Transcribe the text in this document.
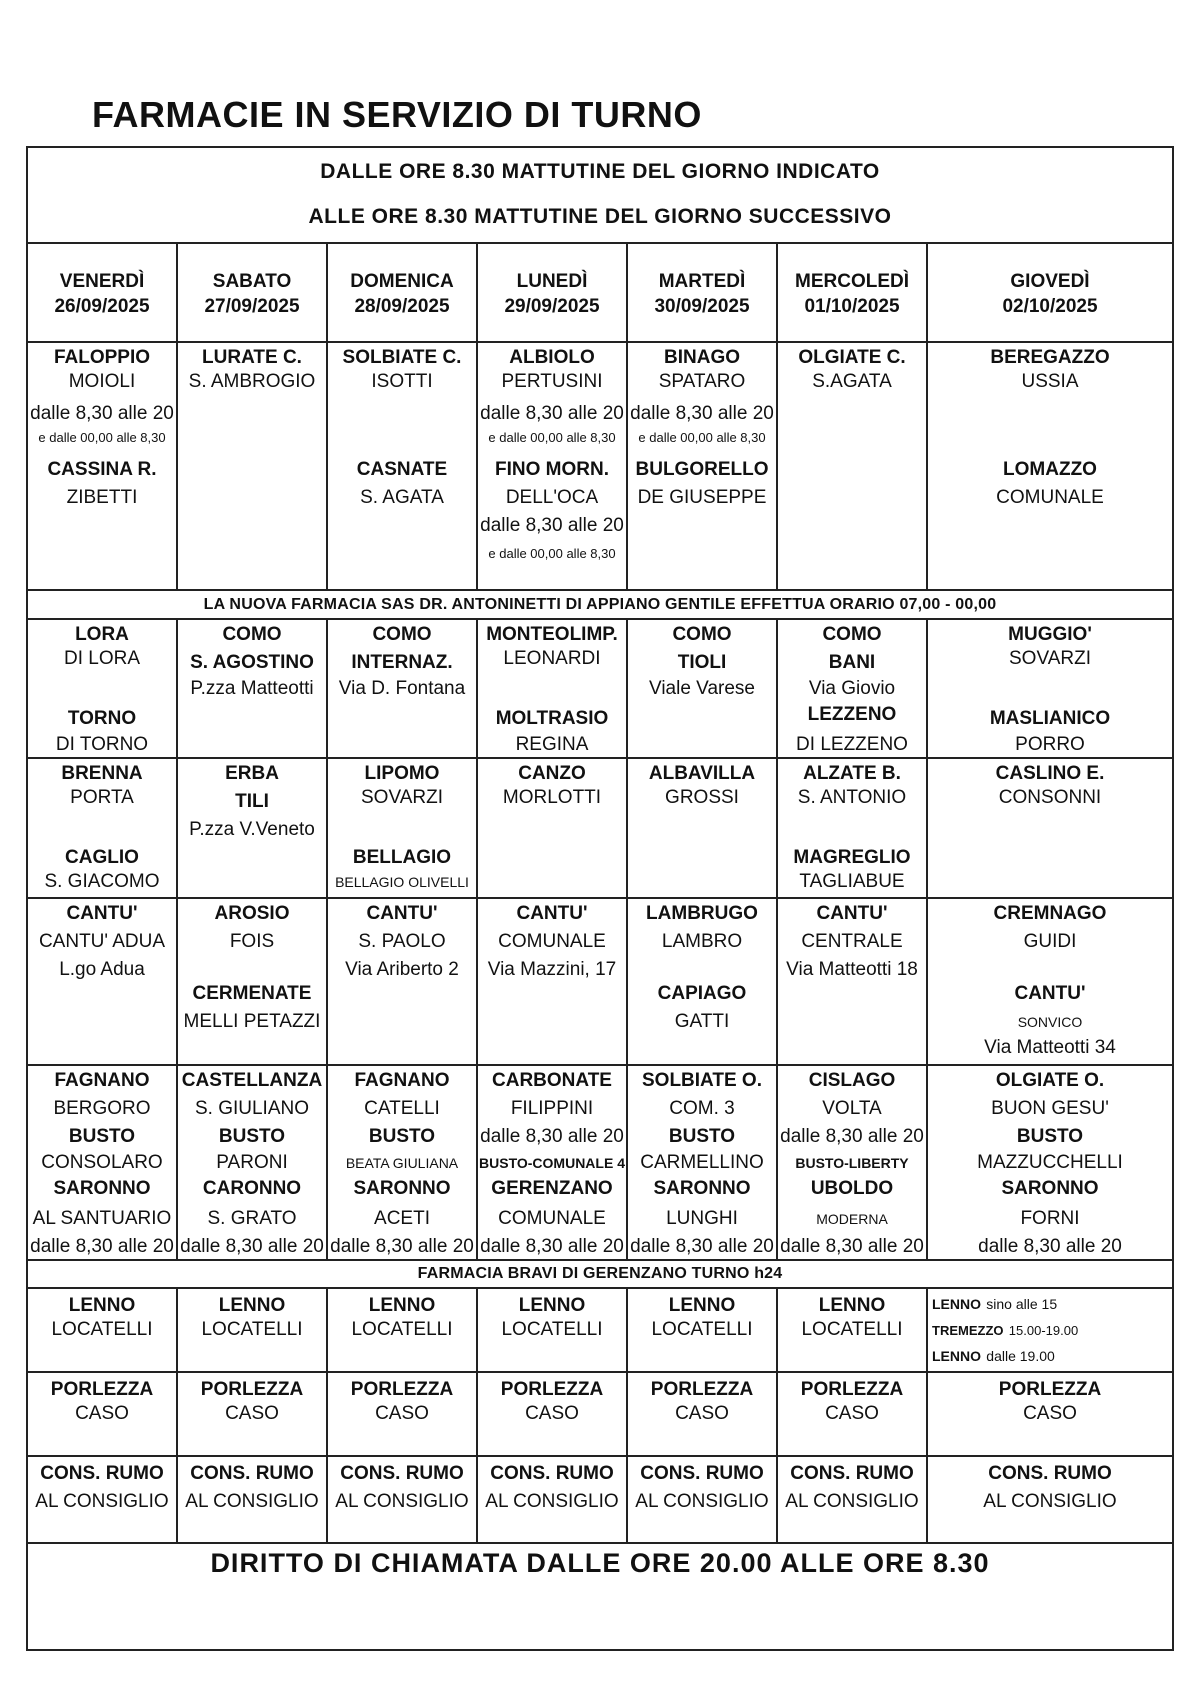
FARMACIE IN SERVIZIO DI TURNO
DALLE ORE 8.30 MATTUTINE DEL GIORNO INDICATO
ALLE ORE 8.30 MATTUTINE DEL GIORNO SUCCESSIVO
VENERDÌ
26/09/2025
SABATO
27/09/2025
DOMENICA
28/09/2025
LUNEDÌ
29/09/2025
MARTEDÌ
30/09/2025
MERCOLEDÌ
01/10/2025
GIOVEDÌ
02/10/2025
FALOPPIO
MOIOLI
dalle 8,30 alle 20
e dalle 00,00 alle 8,30
CASSINA R.
ZIBETTI
LURATE C.
S. AMBROGIO
SOLBIATE C.
ISOTTI
CASNATE
S. AGATA
ALBIOLO
PERTUSINI
dalle 8,30 alle 20
e dalle 00,00 alle 8,30
FINO MORN.
DELL'OCA
dalle 8,30 alle 20
e dalle 00,00 alle 8,30
BINAGO
SPATARO
dalle 8,30 alle 20
e dalle 00,00 alle 8,30
BULGORELLO
DE GIUSEPPE
OLGIATE C.
S.AGATA
BEREGAZZO
USSIA
LOMAZZO
COMUNALE
LA NUOVA FARMACIA SAS DR. ANTONINETTI DI APPIANO GENTILE EFFETTUA ORARIO 07,00 - 00,00
LORA
DI LORA
TORNO
DI TORNO
COMO
S. AGOSTINO
P.zza Matteotti
COMO
INTERNAZ.
Via D. Fontana
MONTEOLIMP.
LEONARDI
MOLTRASIO
REGINA
COMO
TIOLI
Viale Varese
COMO
BANI
Via Giovio
LEZZENO
DI LEZZENO
MUGGIO'
SOVARZI
MASLIANICO
PORRO
BRENNA
PORTA
CAGLIO
S. GIACOMO
ERBA
TILI
P.zza V.Veneto
LIPOMO
SOVARZI
BELLAGIO
BELLAGIO OLIVELLI
CANZO
MORLOTTI
ALBAVILLA
GROSSI
ALZATE B.
S. ANTONIO
MAGREGLIO
TAGLIABUE
CASLINO E.
CONSONNI
CANTU'
CANTU' ADUA
L.go Adua
AROSIO
FOIS
CERMENATE
MELLI PETAZZI
CANTU'
S. PAOLO
Via Ariberto 2
CANTU'
COMUNALE
Via Mazzini, 17
LAMBRUGO
LAMBRO
CAPIAGO
GATTI
CANTU'
CENTRALE
Via Matteotti 18
CREMNAGO
GUIDI
CANTU'
SONVICO
Via Matteotti 34
FAGNANO
BERGORO
BUSTO
CONSOLARO
SARONNO
AL SANTUARIO
dalle 8,30 alle 20
CASTELLANZA
S. GIULIANO
BUSTO
PARONI
CARONNO
S. GRATO
dalle 8,30 alle 20
FAGNANO
CATELLI
BUSTO
BEATA GIULIANA
SARONNO
ACETI
dalle 8,30 alle 20
CARBONATE
FILIPPINI
dalle 8,30 alle 20
BUSTO-COMUNALE 4
GERENZANO
COMUNALE
dalle 8,30 alle 20
SOLBIATE O.
COM. 3
BUSTO
CARMELLINO
SARONNO
LUNGHI
dalle 8,30 alle 20
CISLAGO
VOLTA
dalle 8,30 alle 20
BUSTO-LIBERTY
UBOLDO
MODERNA
dalle 8,30 alle 20
OLGIATE O.
BUON GESU'
BUSTO
MAZZUCCHELLI
SARONNO
FORNI
dalle 8,30 alle 20
FARMACIA BRAVI DI GERENZANO TURNO h24
LENNO
LOCATELLI
LENNO
LOCATELLI
LENNO
LOCATELLI
LENNO
LOCATELLI
LENNO
LOCATELLI
LENNO
LOCATELLI
LENNO sino alle 15
TREMEZZO 15.00-19.00
LENNO dalle 19.00
PORLEZZA
CASO
PORLEZZA
CASO
PORLEZZA
CASO
PORLEZZA
CASO
PORLEZZA
CASO
PORLEZZA
CASO
PORLEZZA
CASO
CONS. RUMO
AL CONSIGLIO
CONS. RUMO
AL CONSIGLIO
CONS. RUMO
AL CONSIGLIO
CONS. RUMO
AL CONSIGLIO
CONS. RUMO
AL CONSIGLIO
CONS. RUMO
AL CONSIGLIO
CONS. RUMO
AL CONSIGLIO
DIRITTO DI CHIAMATA DALLE ORE 20.00 ALLE ORE 8.30
